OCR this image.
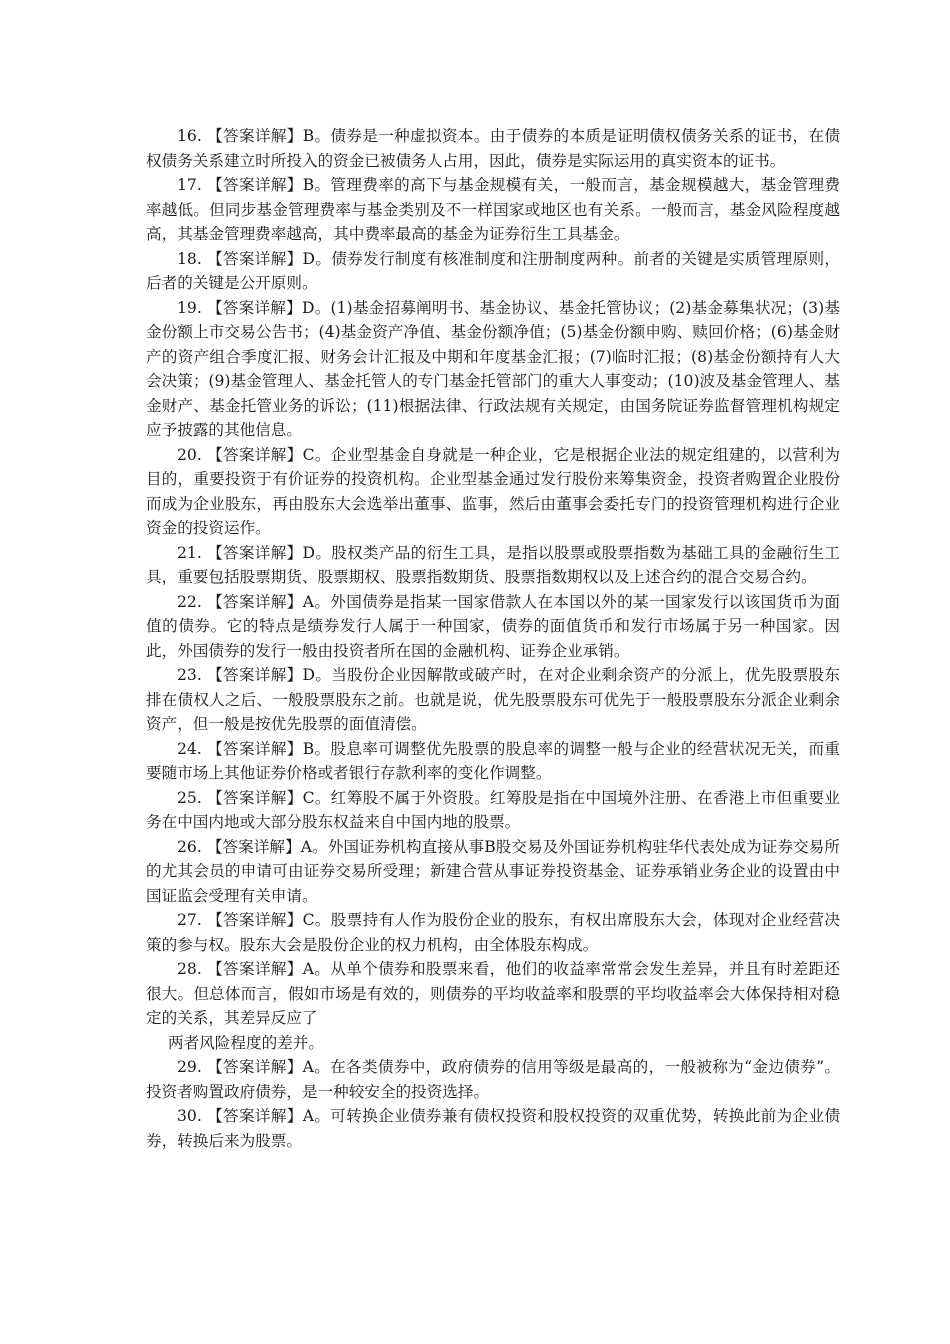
16. 【答案详解】B。债券是一种虚拟资本。由于债券的本质是证明债权债务关系的证书，在债权债务关系建立时所投入的资金已被债务人占用，因此，债券是实际运用的真实资本的证书。

17. 【答案详解】B。管理费率的高下与基金规模有关，一般而言，基金规模越大，基金管理费率越低。但同步基金管理费率与基金类别及不一样国家或地区也有关系。一般而言，基金风险程度越高，其基金管理费率越高，其中费率最高的基金为证券衍生工具基金。

18. 【答案详解】D。债券发行制度有核准制度和注册制度两种。前者的关键是实质管理原则，后者的关键是公开原则。

19. 【答案详解】D。(1)基金招募阐明书、基金协议、基金托管协议；(2)基金募集状况；(3)基金份额上市交易公告书；(4)基金资产净值、基金份额净值；(5)基金份额申购、赎回价格；(6)基金财产的资产组合季度汇报、财务会计汇报及中期和年度基金汇报；(7)临时汇报；(8)基金份额持有人大会决策；(9)基金管理人、基金托管人的专门基金托管部门的重大人事变动；(10)波及基金管理人、基金财产、基金托管业务的诉讼；(11)根据法律、行政法规有关规定，由国务院证券监督管理机构规定应予披露的其他信息。

20. 【答案详解】C。企业型基金自身就是一种企业，它是根据企业法的规定组建的，以营利为目的，重要投资于有价证券的投资机构。企业型基金通过发行股份来筹集资金，投资者购置企业股份而成为企业股东，再由股东大会选举出董事、监事，然后由董事会委托专门的投资管理机构进行企业资金的投资运作。

21. 【答案详解】D。股权类产品的衍生工具，是指以股票或股票指数为基础工具的金融衍生工具，重要包括股票期货、股票期权、股票指数期货、股票指数期权以及上述合约的混合交易合约。

22. 【答案详解】A。外国债券是指某一国家借款人在本国以外的某一国家发行以该国货币为面值的债券。它的特点是绩券发行人属于一种国家，债券的面值货币和发行市场属于另一种国家。因此，外国债券的发行一般由投资者所在国的金融机构、证券企业承销。

23. 【答案详解】D。当股份企业因解散或破产时，在对企业剩余资产的分派上，优先股票股东排在债权人之后、一般股票股东之前。也就是说，优先股票股东可优先于一般股票股东分派企业剩余资产，但一般是按优先股票的面值清偿。

24. 【答案详解】B。股息率可调整优先股票的股息率的调整一般与企业的经营状况无关，而重要随市场上其他证券价格或者银行存款利率的变化作调整。

25. 【答案详解】C。红筹股不属于外资股。红筹股是指在中国境外注册、在香港上市但重要业务在中国内地或大部分股东权益来自中国内地的股票。

26. 【答案详解】A。外国证券机构直接从事B股交易及外国证券机构驻华代表处成为证券交易所的尤其会员的申请可由证券交易所受理；新建合营从事证券投资基金、证券承销业务企业的设置由中国证监会受理有关申请。

27. 【答案详解】C。股票持有人作为股份企业的股东，有权出席股东大会，体现对企业经营决策的参与权。股东大会是股份企业的权力机构，由全体股东构成。

28. 【答案详解】A。从单个债券和股票来看，他们的收益率常常会发生差异，并且有时差距还很大。但总体而言，假如市场是有效的，则债券的平均收益率和股票的平均收益率会大体保持相对稳定的关系，其差异反应了

两者风险程度的差并。

29. 【答案详解】A。在各类债券中，政府债券的信用等级是最高的，一般被称为“金边债券”。投资者购置政府债券，是一种较安全的投资选择。

30. 【答案详解】A。可转换企业债券兼有债权投资和股权投资的双重优势，转换此前为企业债券，转换后来为股票。
